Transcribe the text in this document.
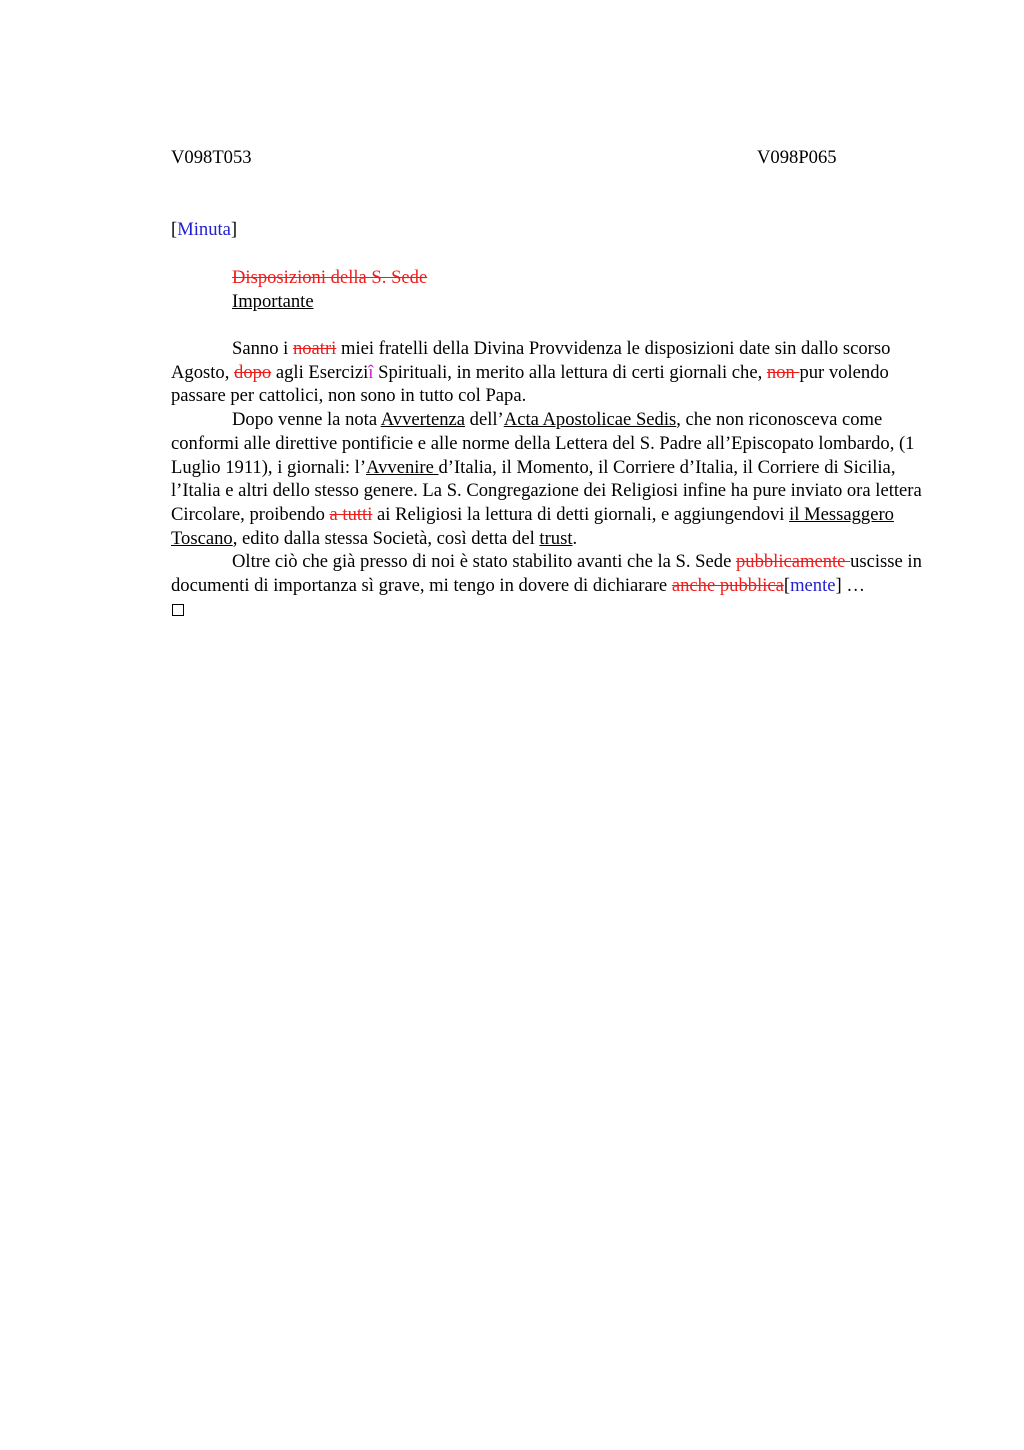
V098T053	V098P065
[Minuta]
Disposizioni della S. Sede
Importante

Sanno i noatri miei fratelli della Divina Provvidenza le disposizioni date sin dallo scorso Agosto, dopo agli Eserciziî Spirituali, in merito alla lettura di certi giornali che, non pur volendo passare per cattolici, non sono in tutto col Papa.

Dopo venne la nota Avvertenza dell’Acta Apostolicae Sedis, che non riconosceva come conformi alle direttive pontificie e alle norme della Lettera del S. Padre all’Episcopato lombardo, (1 Luglio 1911), i giornali: l’Avvenire d’Italia, il Momento, il Corriere d’Italia, il Corriere di Sicilia, l’Italia e altri dello stesso genere. La S. Congregazione dei Religiosi infine ha pure inviato ora lettera Circolare, proibendo a tutti ai Religiosi la lettura di detti giornali, e aggiungendovi il Messaggero Toscano, edito dalla stessa Società, così detta del trust.

Oltre ciò che già presso di noi è stato stabilito avanti che la S. Sede pubblicamente uscisse in documenti di importanza sì grave, mi tengo in dovere di dichiarare anche pubblica[mente] …
